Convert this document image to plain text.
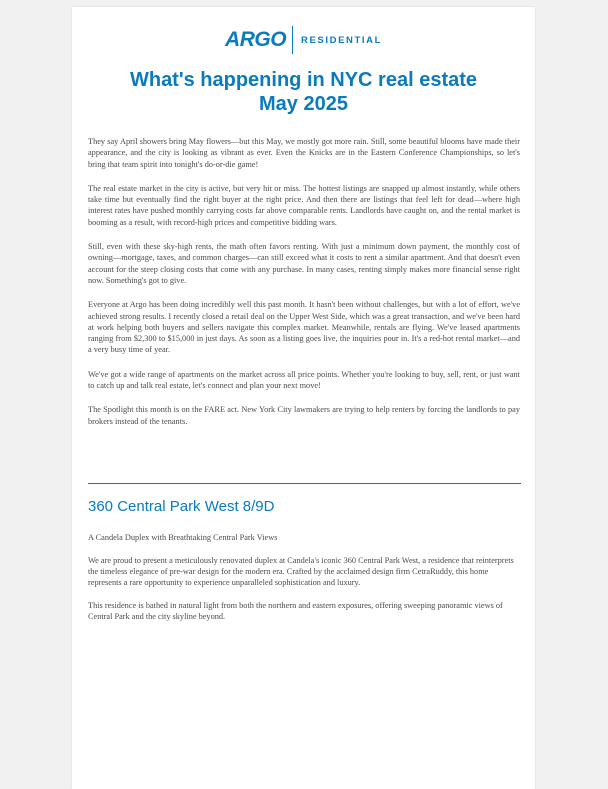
ARGO RESIDENTIAL
What's happening in NYC real estate
May 2025

They say April showers bring May flowers—but this May, we mostly got more rain. Still, some beautiful blooms have made their appearance, and the city is looking as vibrant as ever. Even the Knicks are in the Eastern Conference Championships, so let's bring that team spirit into tonight's do-or-die game!

The real estate market in the city is active, but very hit or miss. The hottest listings are snapped up almost instantly, while others take time but eventually find the right buyer at the right price. And then there are listings that feel left for dead—where high interest rates have pushed monthly carrying costs far above comparable rents. Landlords have caught on, and the rental market is booming as a result, with record-high prices and competitive bidding wars.

Still, even with these sky-high rents, the math often favors renting. With just a minimum down payment, the monthly cost of owning—mortgage, taxes, and common charges—can still exceed what it costs to rent a similar apartment. And that doesn't even account for the steep closing costs that come with any purchase. In many cases, renting simply makes more financial sense right now. Something's got to give.

Everyone at Argo has been doing incredibly well this past month. It hasn't been without challenges, but with a lot of effort, we've achieved strong results. I recently closed a retail deal on the Upper West Side, which was a great transaction, and we've been hard at work helping both buyers and sellers navigate this complex market. Meanwhile, rentals are flying. We've leased apartments ranging from $2,300 to $15,000 in just days. As soon as a listing goes live, the inquiries pour in. It's a red-hot rental market—and a very busy time of year.

We've got a wide range of apartments on the market across all price points. Whether you're looking to buy, sell, rent, or just want to catch up and talk real estate, let's connect and plan your next move!

The Spotlight this month is on the FARE act. New York City lawmakers are trying to help renters by forcing the landlords to pay brokers instead of the tenants.

360 Central Park West 8/9D

A Candela Duplex with Breathtaking Central Park Views

We are proud to present a meticulously renovated duplex at Candela's iconic 360 Central Park West, a residence that reinterprets the timeless elegance of pre-war design for the modern era. Crafted by the acclaimed design firm CetraRuddy, this home represents a rare opportunity to experience unparalleled sophistication and luxury.

This residence is bathed in natural light from both the northern and eastern exposures, offering sweeping panoramic views of Central Park and the city skyline beyond.
